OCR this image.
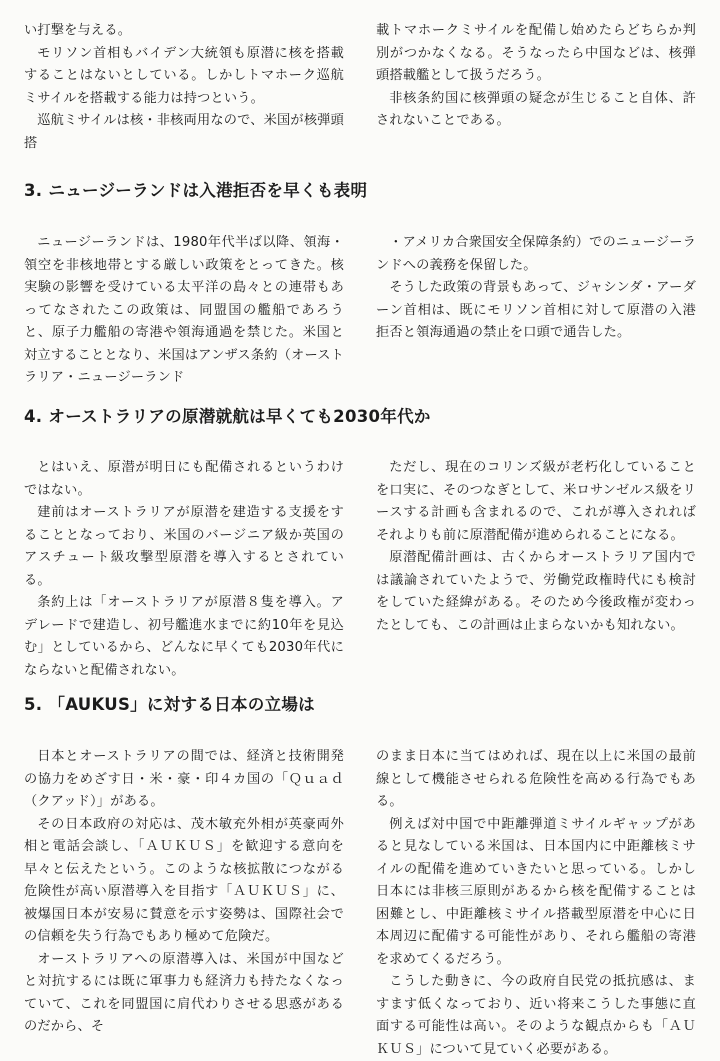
い打撃を与える。

モリソン首相もバイデン大統領も原潜に核を搭載することはないとしている。しかしトマホーク巡航ミサイルを搭載する能力は持つという。

巡航ミサイルは核・非核両用なので、米国が核弾頭搭

載トマホークミサイルを配備し始めたらどちらか判別がつかなくなる。そうなったら中国などは、核弾頭搭載艦として扱うだろう。

非核条約国に核弾頭の疑念が生じること自体、許されないことである。

3. ニュージーランドは入港拒否を早くも表明

ニュージーランドは、1980年代半ば以降、領海・領空を非核地帯とする厳しい政策をとってきた。核実験の影響を受けている太平洋の島々との連帯もあってなされたこの政策は、同盟国の艦船であろうと、原子力艦船の寄港や領海通過を禁じた。米国と対立することとなり、米国はアンザス条約（オーストラリア・ニュージーランド

・アメリカ合衆国安全保障条約）でのニュージーランドへの義務を保留した。

そうした政策の背景もあって、ジャシンダ・アーダーン首相は、既にモリソン首相に対して原潜の入港拒否と領海通過の禁止を口頭で通告した。

4. オーストラリアの原潜就航は早くても2030年代か

とはいえ、原潜が明日にも配備されるというわけではない。

建前はオーストラリアが原潜を建造する支援をすることとなっており、米国のバージニア級か英国のアスチュート級攻撃型原潜を導入するとされている。

条約上は「オーストラリアが原潜８隻を導入。アデレードで建造し、初号艦進水までに約10年を見込む」としているから、どんなに早くても2030年代にならないと配備されない。

ただし、現在のコリンズ級が老朽化していることを口実に、そのつなぎとして、米ロサンゼルス級をリースする計画も含まれるので、これが導入されればそれよりも前に原潜配備が進められることになる。

原潜配備計画は、古くからオーストラリア国内では議論されていたようで、労働党政権時代にも検討をしていた経緯がある。そのため今後政権が変わったとしても、この計画は止まらないかも知れない。

5. 「AUKUS」に対する日本の立場は

日本とオーストラリアの間では、経済と技術開発の協力をめざす日・米・豪・印４カ国の「Ｑｕａｄ（クアッド）」がある。

その日本政府の対応は、茂木敏充外相が英豪両外相と電話会談し、「ＡＵＫＵＳ」を歓迎する意向を早々と伝えたという。このような核拡散につながる危険性が高い原潜導入を目指す「ＡＵＫＵＳ」に、被爆国日本が安易に賛意を示す姿勢は、国際社会での信頼を失う行為でもあり極めて危険だ。

オーストラリアへの原潜導入は、米国が中国などと対抗するには既に軍事力も経済力も持たなくなっていて、これを同盟国に肩代わりさせる思惑があるのだから、そ

のまま日本に当てはめれば、現在以上に米国の最前線として機能させられる危険性を高める行為でもある。

例えば対中国で中距離弾道ミサイルギャップがあると見なしている米国は、日本国内に中距離核ミサイルの配備を進めていきたいと思っている。しかし日本には非核三原則があるから核を配備することは困難とし、中距離核ミサイル搭載型原潜を中心に日本周辺に配備する可能性があり、それら艦船の寄港を求めてくるだろう。

こうした動きに、今の政府自民党の抵抗感は、ますます低くなっており、近い将来こうした事態に直面する可能性は高い。そのような観点からも「ＡＵＫＵＳ」について見ていく必要がある。
